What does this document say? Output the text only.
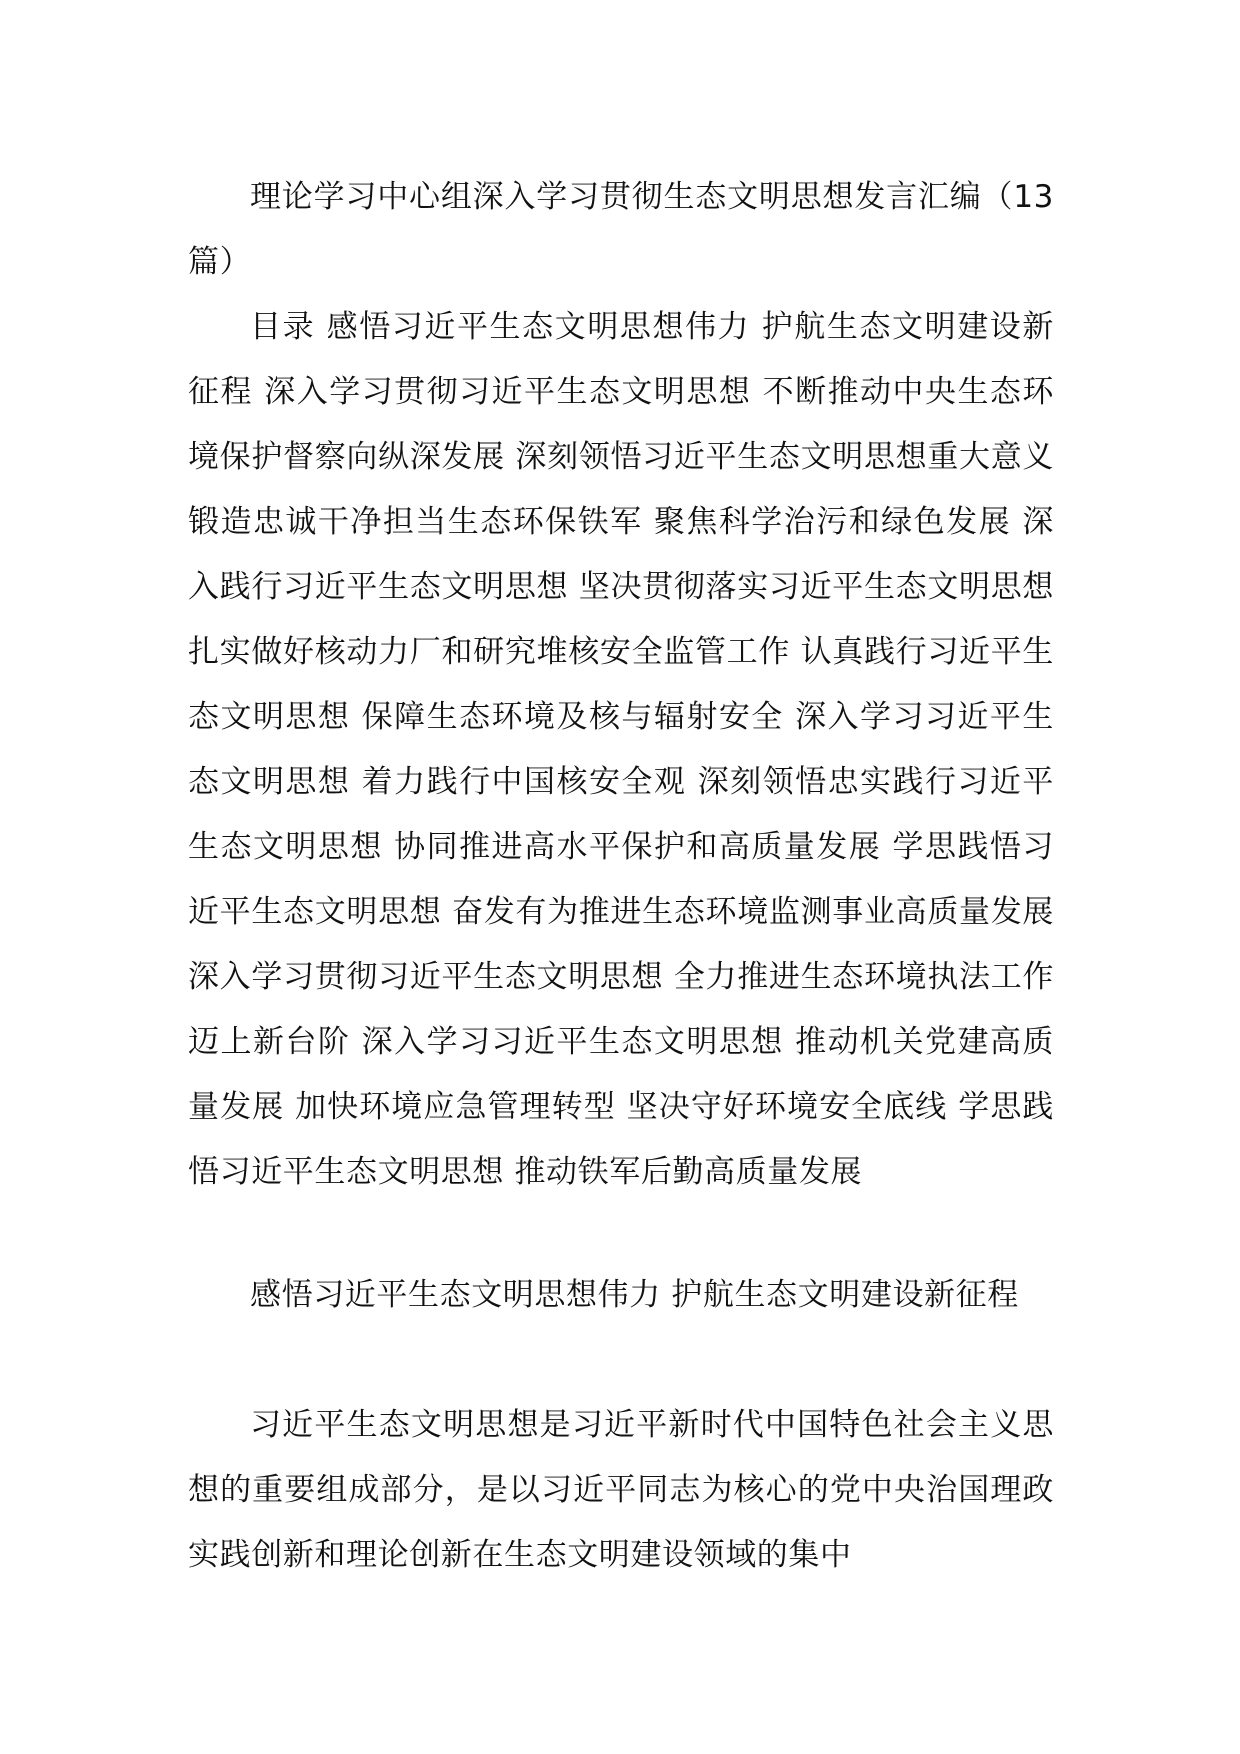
理论学习中心组深入学习贯彻生态文明思想发言汇编（13篇）

目录 感悟习近平生态文明思想伟力 护航生态文明建设新征程 深入学习贯彻习近平生态文明思想 不断推动中央生态环境保护督察向纵深发展 深刻领悟习近平生态文明思想重大意义 锻造忠诚干净担当生态环保铁军 聚焦科学治污和绿色发展 深入践行习近平生态文明思想 坚决贯彻落实习近平生态文明思想 扎实做好核动力厂和研究堆核安全监管工作 认真践行习近平生态文明思想 保障生态环境及核与辐射安全 深入学习习近平生态文明思想 着力践行中国核安全观 深刻领悟忠实践行习近平生态文明思想 协同推进高水平保护和高质量发展 学思践悟习近平生态文明思想 奋发有为推进生态环境监测事业高质量发展 深入学习贯彻习近平生态文明思想 全力推进生态环境执法工作迈上新台阶 深入学习习近平生态文明思想 推动机关党建高质量发展 加快环境应急管理转型 坚决守好环境安全底线 学思践悟习近平生态文明思想 推动铁军后勤高质量发展

感悟习近平生态文明思想伟力 护航生态文明建设新征程

习近平生态文明思想是习近平新时代中国特色社会主义思想的重要组成部分，是以习近平同志为核心的党中央治国理政实践创新和理论创新在生态文明建设领域的集中
